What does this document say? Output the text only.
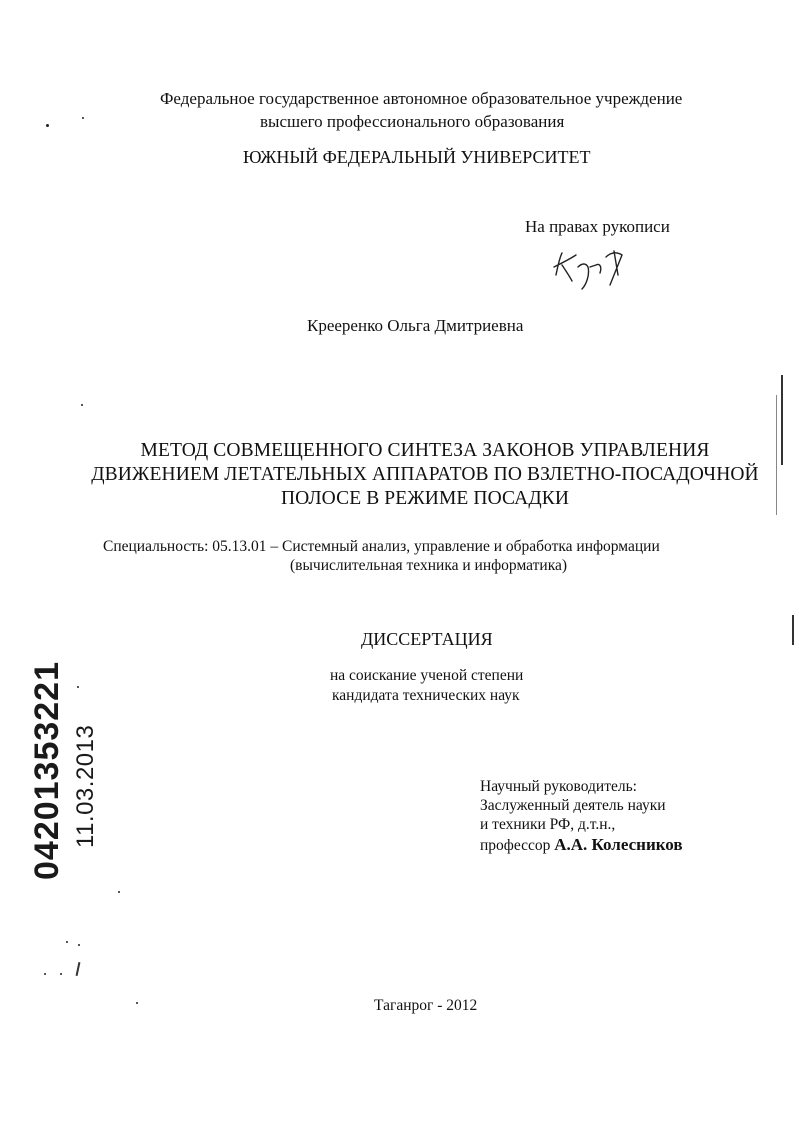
Федеральное государственное автономное образовательное учреждение
высшего профессионального образования
ЮЖНЫЙ ФЕДЕРАЛЬНЫЙ УНИВЕРСИТЕТ
На правах рукописи
Крееренко Ольга Дмитриевна
МЕТОД СОВМЕЩЕННОГО СИНТЕЗА ЗАКОНОВ УПРАВЛЕНИЯ
ДВИЖЕНИЕМ ЛЕТАТЕЛЬНЫХ АППАРАТОВ ПО ВЗЛЕТНО-ПОСАДОЧНОЙ
ПОЛОСЕ В РЕЖИМЕ ПОСАДКИ
Специальность: 05.13.01 – Системный анализ, управление и обработка информации
(вычислительная техника и информатика)
ДИССЕРТАЦИЯ
на соискание ученой степени
кандидата технических наук
Научный руководитель:
Заслуженный деятель науки
и техники РФ, д.т.н.,
профессор А.А. Колесников
Таганрог - 2012
04201353221 11.03.2013
